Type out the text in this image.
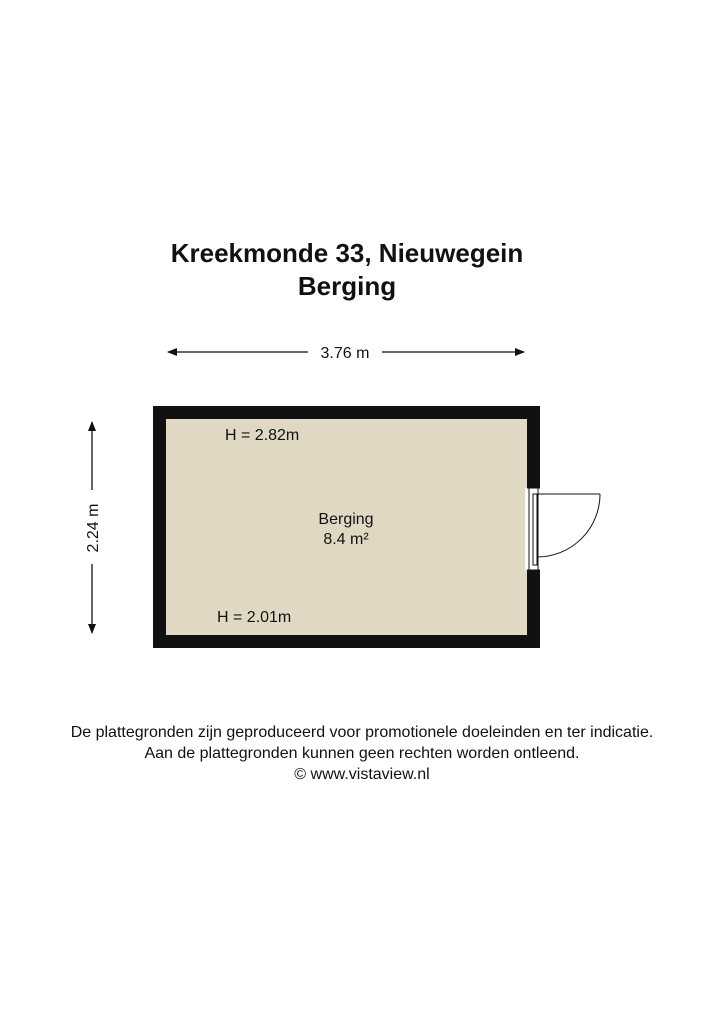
Kreekmonde 33, Nieuwegein
Berging
3.76 m
2.24 m
H = 2.82m
Berging
8.4 m²
H = 2.01m

De plattegronden zijn geproduceerd voor promotionele doeleinden en ter indicatie.

Aan de plattegronden kunnen geen rechten worden ontleend.

© www.vistaview.nl
